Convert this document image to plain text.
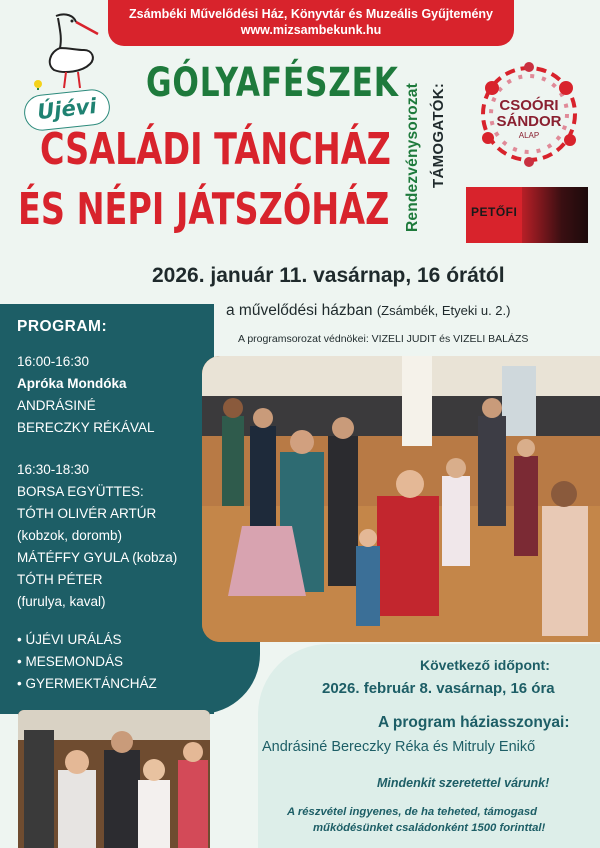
Zsámbéki Művelődési Ház, Könyvtár és Muzeális Gyűjtemény
www.mizsambekunk.hu
Újévi
GÓLYAFÉSZEK
CSALÁDI TÁNCHÁZ
ÉS NÉPI JÁTSZÓHÁZ Rendezvénysorozat TÁMOGATÓK:	CSOÓRI
SÁNDOR
ALAP
PETŐFI
2026. január 11. vasárnap, 16 órától
a művelődési házban (Zsámbék, Etyeki u. 2.)
A programsorozat védnökei: VIZELI JUDIT és VIZELI BALÁZS
PROGRAM:
16:00-16:30
Apróka Mondóka
ANDRÁSINÉ
BERECZKY RÉKÁVAL
16:30-18:30
BORSA EGYÜTTES:
TÓTH OLIVÉR ARTÚR
(kobzok, doromb)
MÁTÉFFY GYULA (kobza)
TÓTH PÉTER
(furulya, kaval)
• ÚJÉVI URÁLÁS
• MESEMONDÁS
• GYERMEKTÁNCHÁZ
Következő időpont:
2026. február 8. vasárnap, 16 óra
A program háziasszonyai:
Andrásiné Bereczky Réka és Mitruly Enikő
Mindenkit szeretettel várunk!
A részvétel ingyenes, de ha teheted, támogasd
működésünket családonként 1500 forinttal!
